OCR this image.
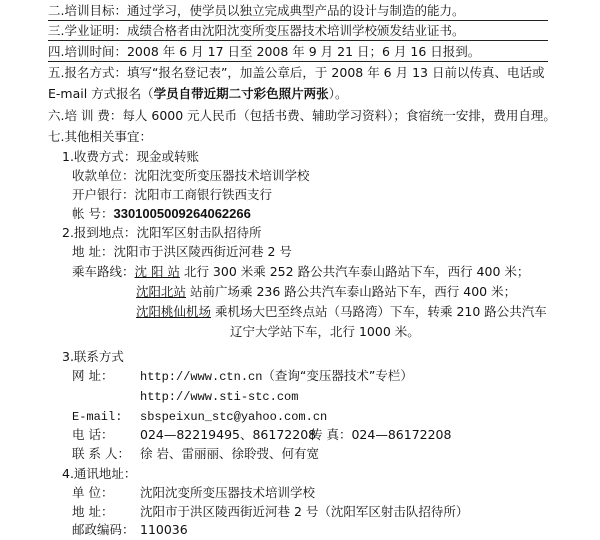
二.培训目标：通过学习，使学员以独立完成典型产品的设计与制造的能力。
三.学业证明：成绩合格者由沈阳沈变所变压器技术培训学校颁发结业证书。
四.培训时间：2008 年 6 月 17 日至 2008 年 9 月 21 日；6 月 16 日报到。
五.报名方式：填写“报名登记表”，加盖公章后，于 2008 年 6 月 13 日前以传真、电话或
E-mail 方式报名（学员自带近期二寸彩色照片两张）。
六.培 训 费：每人 6000 元人民币（包括书费、辅助学习资料）；食宿统一安排，费用自理。
七.其他相关事宜：
1.收费方式：现金或转账
收款单位：沈阳沈变所变压器技术培训学校
开户银行：沈阳市工商银行铁西支行
帐 号：3301005009264062266
2.报到地点：沈阳军区射击队招待所
地 址：沈阳市于洪区陵西街近河巷 2 号
乘车路线：沈 阳 站 北行 300 米乘 252 路公共汽车泰山路站下车，西行 400 米；
沈阳北站 站前广场乘 236 路公共汽车泰山路站下车，西行 400 米；
沈阳桃仙机场 乘机场大巴至终点站（马路湾）下车，转乘 210 路公共汽车
辽宁大学站下车，北行 1000 米。
3.联系方式
网 址： http://www.ctn.cn（查询“变压器技术”专栏）
http://www.sti-stc.com
E-mail: sbspeixun_stc@yahoo.com.cn
电 话： 024—82219495、86172208传 真：024—86172208
联 系 人： 徐 岩、雷丽丽、徐聆弢、何有宽
4.通讯地址：
单 位： 沈阳沈变所变压器技术培训学校
地 址： 沈阳市于洪区陵西街近河巷 2 号（沈阳军区射击队招待所）
邮政编码： 110036
